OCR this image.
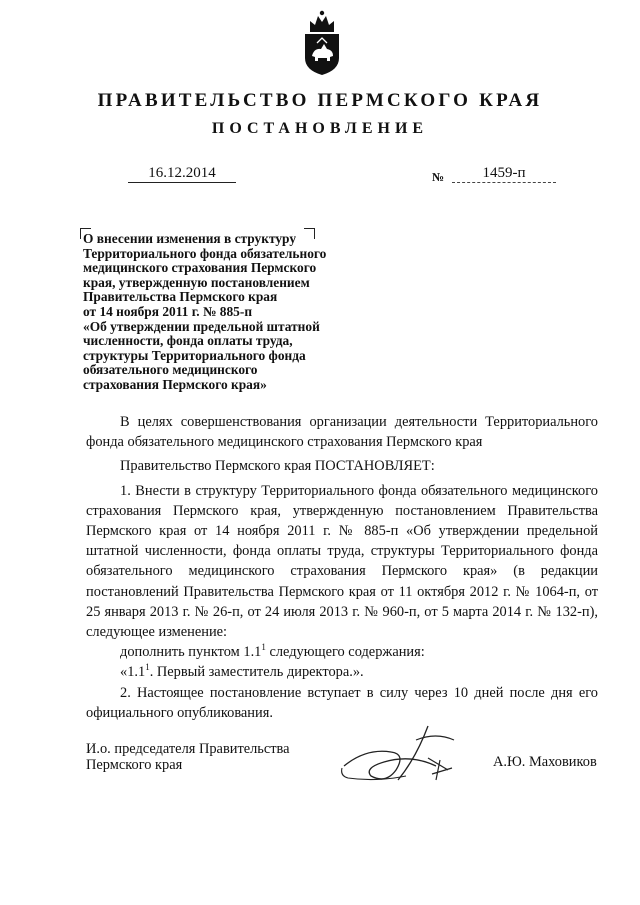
ПРАВИТЕЛЬСТВО ПЕРМСКОГО КРАЯ
ПОСТАНОВЛЕНИЕ
16.12.2014	№	1459-п
О внесении изменения в структуру
Территориального фонда обязательного
медицинского страхования Пермского
края, утвержденную постановлением
Правительства Пермского края
от 14 ноября 2011 г. № 885-п
«Об утверждении предельной штатной
численности, фонда оплаты труда,
структуры Территориального фонда
обязательного медицинского
страхования Пермского края»

В целях совершенствования организации деятельности Территориального фонда обязательного медицинского страхования Пермского края

Правительство Пермского края ПОСТАНОВЛЯЕТ:

1. Внести в структуру Территориального фонда обязательного медицинского страхования Пермского края, утвержденную постановлением Правительства Пермского края от 14 ноября 2011 г. № 885-п «Об утверждении предельной штатной численности, фонда оплаты труда, структуры Территориального фонда обязательного медицинского страхования Пермского края» (в редакции постановлений Правительства Пермского края от 11 октября 2012 г. № 1064-п, от 25 января 2013 г. № 26-п, от 24 июля 2013 г. № 960-п, от 5 марта 2014 г. № 132-п), следующее изменение:

дополнить пунктом $1.1^1$ следующего содержания:

«$1.1^1$. Первый заместитель директора.».

2. Настоящее постановление вступает в силу через 10 дней после дня его официального опубликования.

И.о. председателя Правительства
Пермского края	А.Ю. Маховиков
